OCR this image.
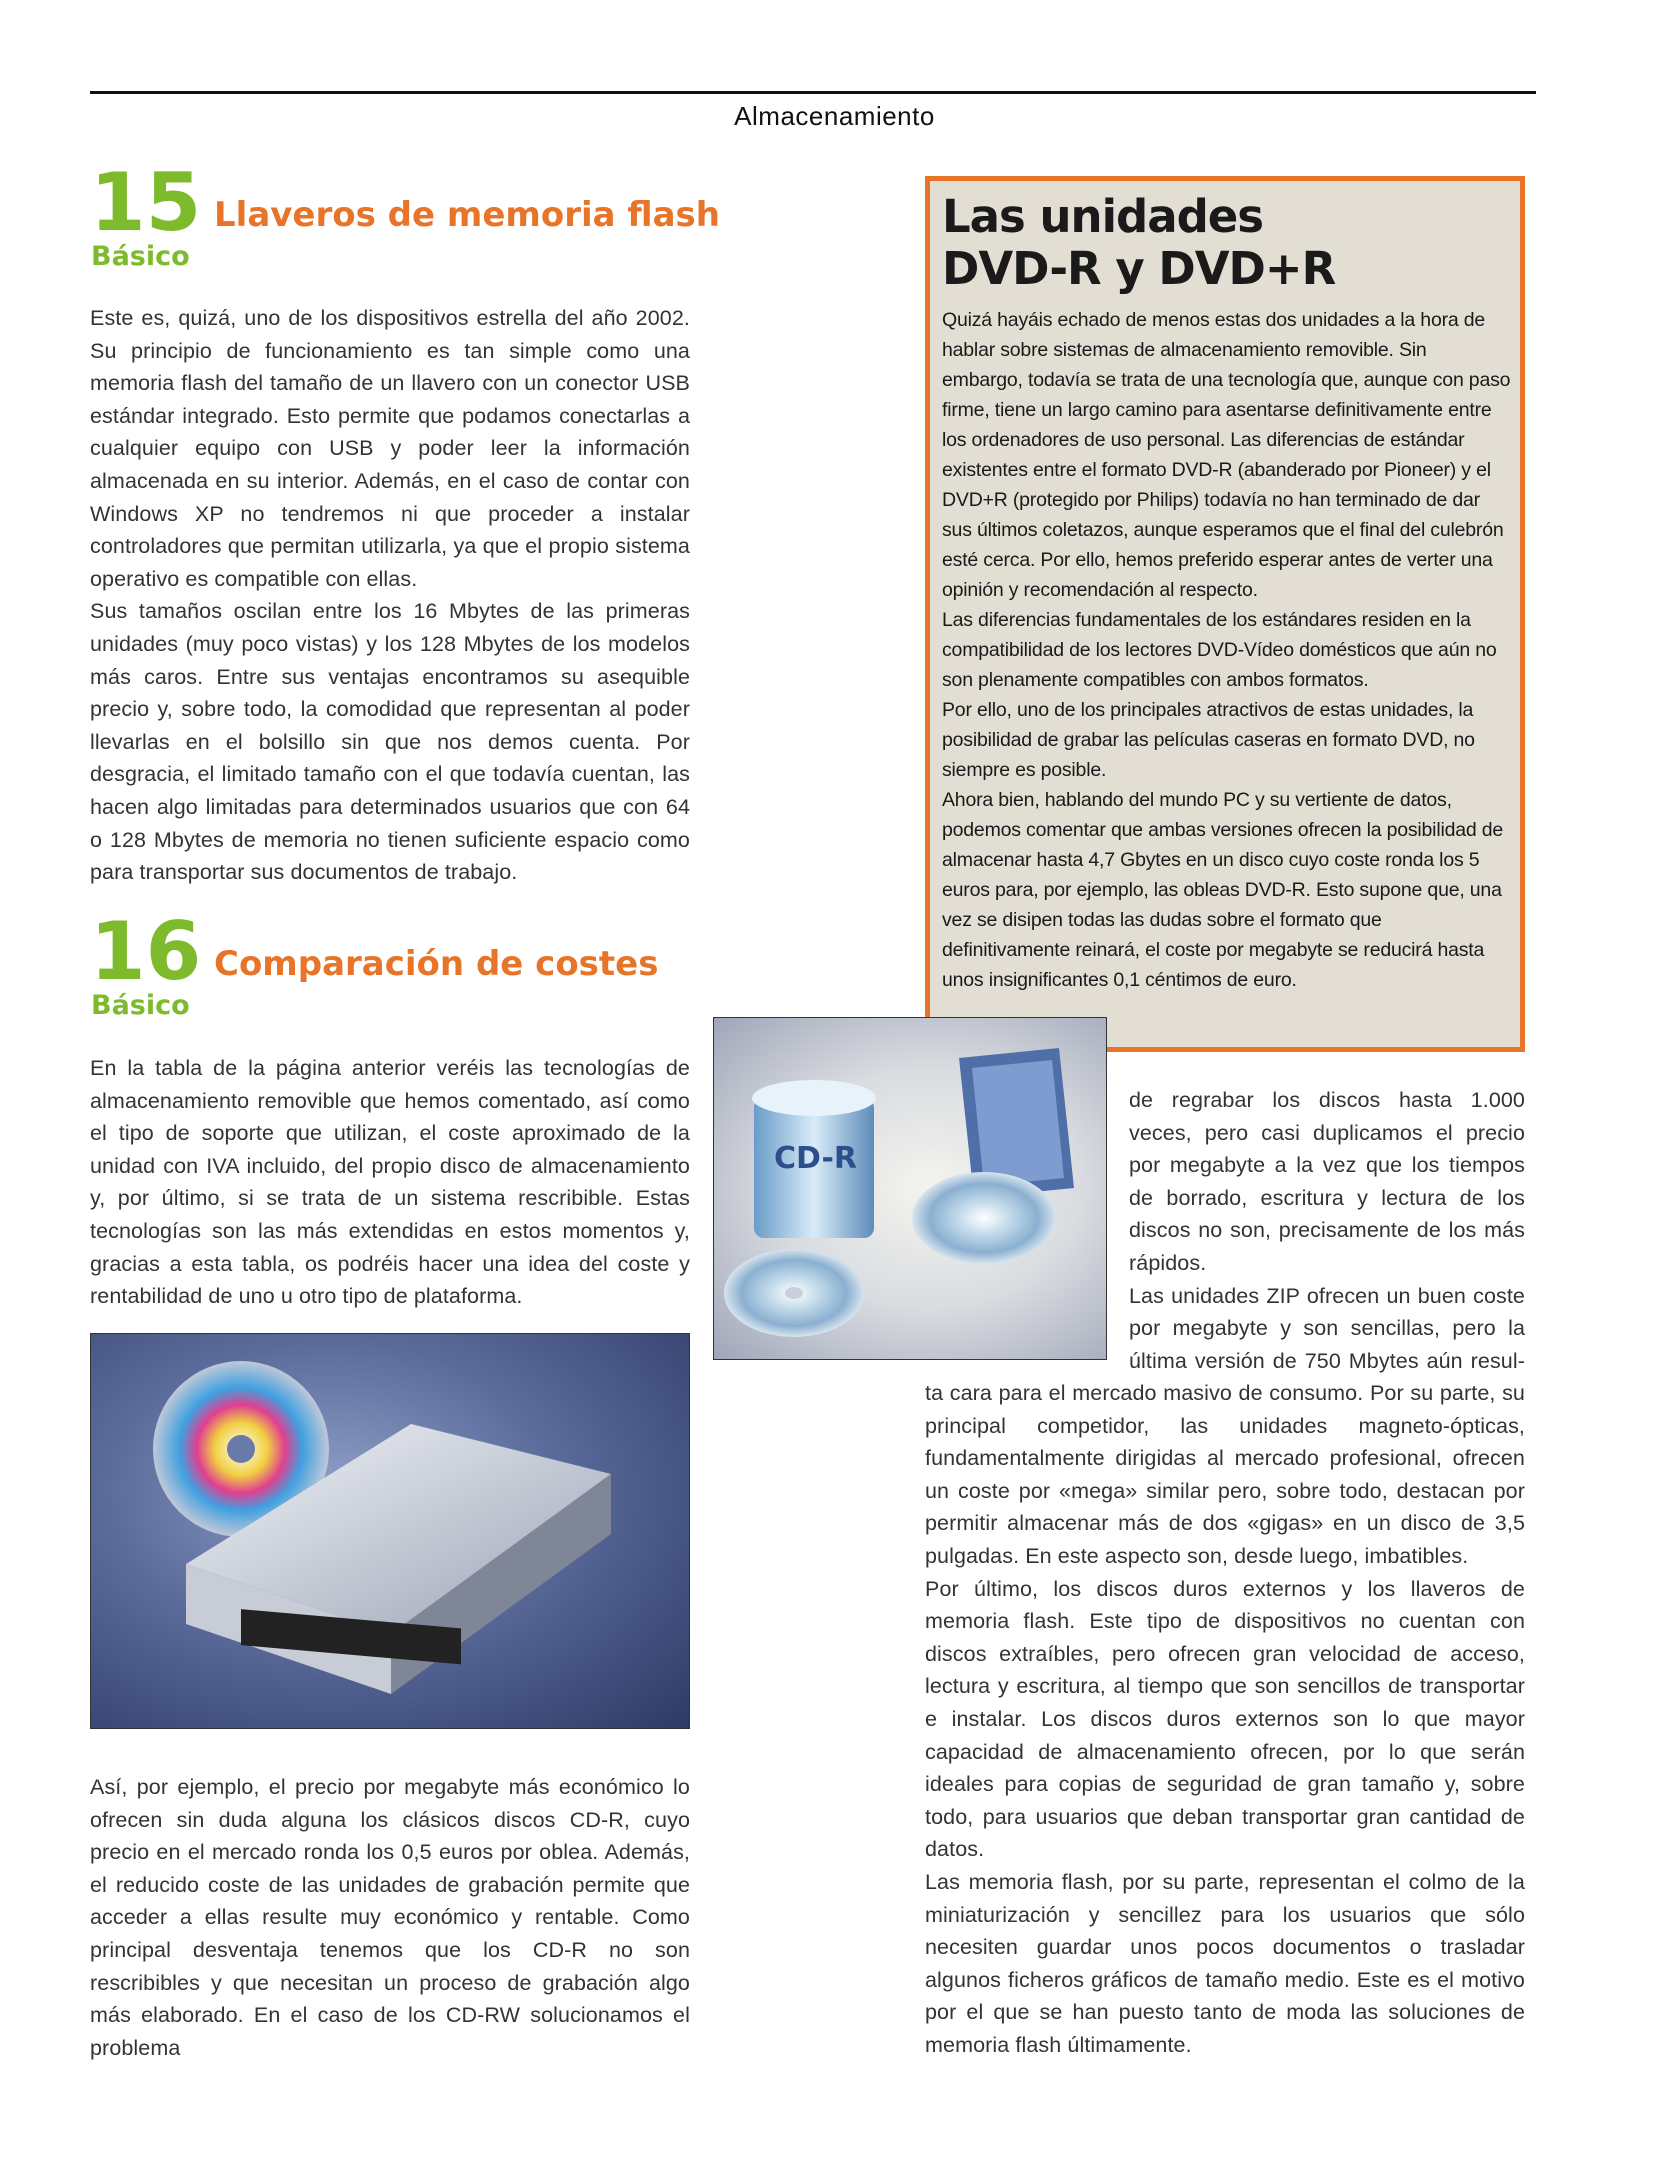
Almacenamiento
15
Básico
Llaveros de memoria flash

Este es, quizá, uno de los dispositivos estrella del año 2002. Su principio de funcionamiento es tan simple como una memoria flash del tamaño de un llavero con un conector USB estándar integrado. Esto permite que podamos conectarlas a cualquier equipo con USB y poder leer la información almacenada en su interior. Además, en el caso de contar con Windows XP no tendremos ni que proceder a instalar controladores que permitan utilizarla, ya que el propio sistema operativo es compatible con ellas.

Sus tamaños oscilan entre los 16 Mbytes de las primeras unidades (muy poco vistas) y los 128 Mbytes de los modelos más caros. Entre sus ventajas encontramos su asequible precio y, sobre todo, la comodidad que representan al poder llevarlas en el bolsillo sin que nos demos cuenta. Por desgracia, el limitado tamaño con el que todavía cuentan, las hacen algo limitadas para determinados usuarios que con 64 o 128 Mbytes de memoria no tienen suficiente espacio como para transportar sus documentos de trabajo.

16
Básico
Comparación de costes

En la tabla de la página anterior veréis las tecnologías de almacenamiento removible que hemos comentado, así como el tipo de soporte que utilizan, el coste aproximado de la unidad con IVA incluido, del propio disco de almacenamiento y, por último, si se trata de un sistema rescribible. Estas tecnologías son las más extendidas en estos momentos y, gracias a esta tabla, os podréis hacer una idea del coste y rentabilidad de uno u otro tipo de plataforma.

Así, por ejemplo, el precio por megabyte más económico lo ofrecen sin duda alguna los clásicos discos CD-R, cuyo precio en el mercado ronda los 0,5 euros por oblea. Además, el reducido coste de las unidades de grabación permite que acceder a ellas resulte muy económico y rentable. Como principal desventaja tenemos que los CD-R no son rescribibles y que necesitan un proceso de grabación algo más elaborado. En el caso de los CD-RW solucionamos el problema
Las unidades
DVD-R y DVD+R

Quizá hayáis echado de menos estas dos unidades a la hora de hablar sobre sistemas de almacenamiento removible. Sin embargo, todavía se trata de una tecnología que, aunque con paso firme, tiene un largo camino para asentarse definitivamente entre los ordenadores de uso personal. Las diferencias de estándar existentes entre el formato DVD-R (abanderado por Pioneer) y el DVD+R (protegido por Philips) todavía no han terminado de dar sus últimos coletazos, aunque esperamos que el final del culebrón esté cerca. Por ello, hemos preferido esperar antes de verter una opinión y recomendación al respecto.

Las diferencias fundamentales de los estándares residen en la compatibilidad de los lectores DVD-Vídeo domésticos que aún no son plenamente compatibles con ambos formatos.

Por ello, uno de los principales atractivos de estas unidades, la posibilidad de grabar las películas caseras en formato DVD, no siempre es posible.

Ahora bien, hablando del mundo PC y su vertiente de datos, podemos comentar que ambas versiones ofrecen la posibilidad de almacenar hasta 4,7 Gbytes en un disco cuyo coste ronda los 5 euros para, por ejemplo, las obleas DVD-R. Esto supone que, una vez se disipen todas las dudas sobre el formato que definitivamente reinará, el coste por megabyte se reducirá hasta unos insignificantes 0,1 céntimos de euro.

CD-R

de regrabar los discos hasta 1.000 veces, pero casi duplicamos el precio por megabyte a la vez que los tiempos de borrado, escritura y lectura de los discos no son, precisamente de los más rápidos.

Las unidades ZIP ofrecen un buen coste por megabyte y son sencillas, pero la última versión de 750 Mbytes aún resul-

ta cara para el mercado masivo de consumo. Por su parte, su principal competidor, las unidades magneto-ópticas, fundamentalmente dirigidas al mercado profesional, ofrecen un coste por «mega» similar pero, sobre todo, destacan por permitir almacenar más de dos «gigas» en un disco de 3,5 pulgadas. En este aspecto son, desde luego, imbatibles.

Por último, los discos duros externos y los llaveros de memoria flash. Este tipo de dispositivos no cuentan con discos extraíbles, pero ofrecen gran velocidad de acceso, lectura y escritura, al tiempo que son sencillos de transportar e instalar. Los discos duros externos son lo que mayor capacidad de almacenamiento ofrecen, por lo que serán ideales para copias de seguridad de gran tamaño y, sobre todo, para usuarios que deban transportar gran cantidad de datos.

Las memoria flash, por su parte, representan el colmo de la miniaturización y sencillez para los usuarios que sólo necesiten guardar unos pocos documentos o trasladar algunos ficheros gráficos de tamaño medio. Este es el motivo por el que se han puesto tanto de moda las soluciones de memoria flash últimamente.
